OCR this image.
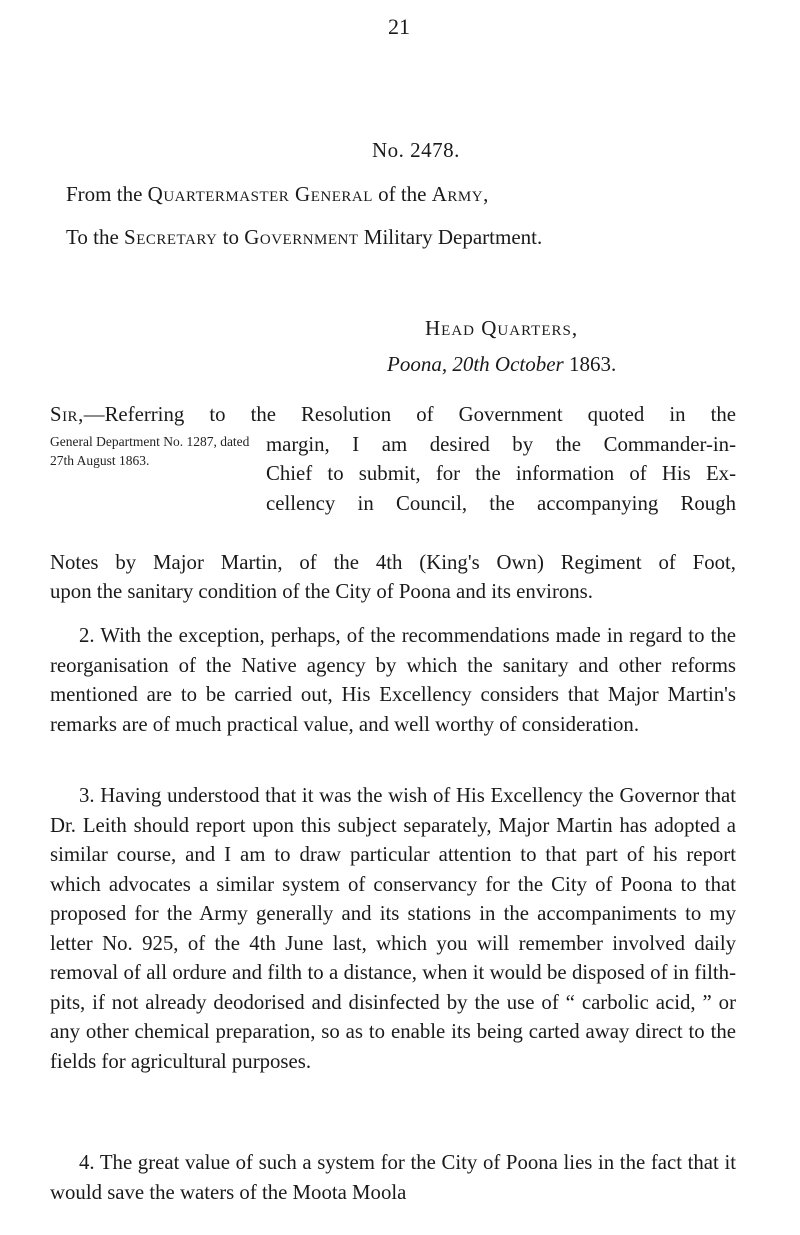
21
No. 2478.
From the Quartermaster General of the Army,
To the Secretary to Government Military Department.
Head Quarters,
Poona, 20th October 1863.
Sir,—Referring to the Resolution of Government quoted in the
General Department No. 1287, dated 27th August 1863.
margin, I am desired by the Commander-in-
Chief to submit, for the information of His Ex-
cellency in Council, the accompanying Rough
Notes by Major Martin, of the 4th (King's Own) Regiment of Foot,
upon the sanitary condition of the City of Poona and its environs.

2. With the exception, perhaps, of the recommendations made in regard to the reorganisation of the Native agency by which the sanitary and other reforms mentioned are to be carried out, His Excellency considers that Major Martin's remarks are of much practical value, and well worthy of consideration.

3. Having understood that it was the wish of His Excellency the Governor that Dr. Leith should report upon this subject separately, Major Martin has adopted a similar course, and I am to draw particular attention to that part of his report which advocates a similar system of conservancy for the City of Poona to that proposed for the Army generally and its stations in the accompaniments to my letter No. 925, of the 4th June last, which you will remember involved daily removal of all ordure and filth to a distance, when it would be disposed of in filth-pits, if not already deodorised and disinfected by the use of “ carbolic acid, ” or any other chemical preparation, so as to enable its being carted away direct to the fields for agricultural purposes.

4. The great value of such a system for the City of Poona lies in the fact that it would save the waters of the Moota Moola
